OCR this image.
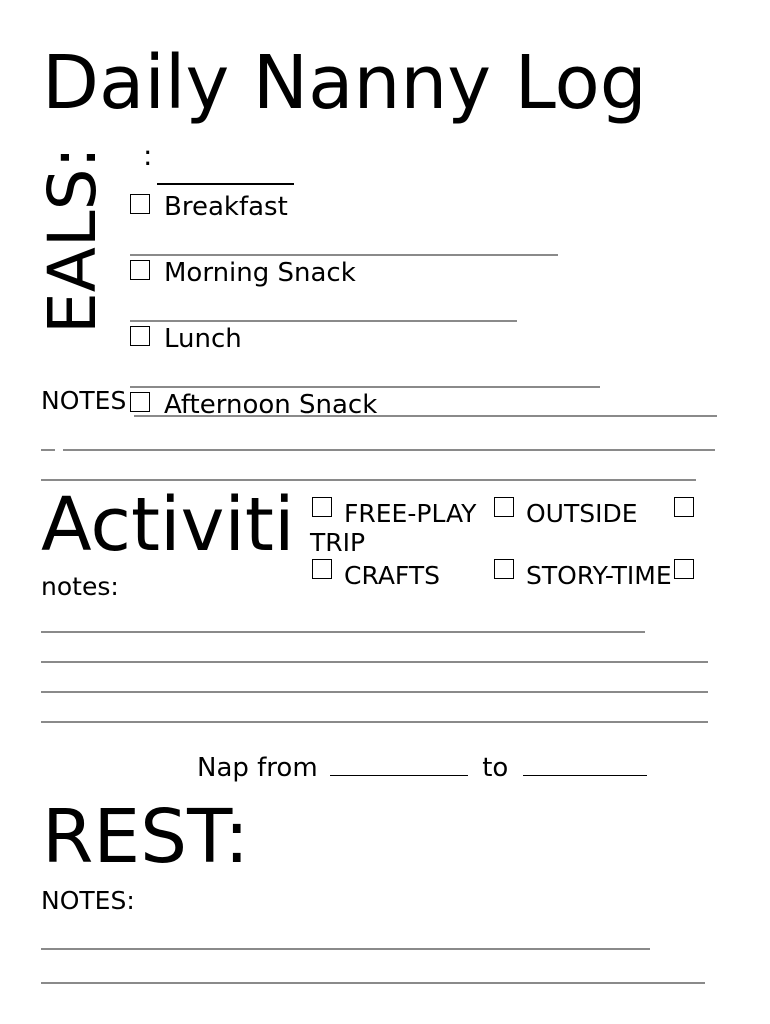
Daily Nanny Log
EALS: :
Breakfast
Morning Snack
Lunch
Afternoon Snack
NOTES
Activiti FREE-PLAY OUTSIDE
TRIP
CRAFTS	STORY-TIME
notes:
Nap from	to
REST:
NOTES:
